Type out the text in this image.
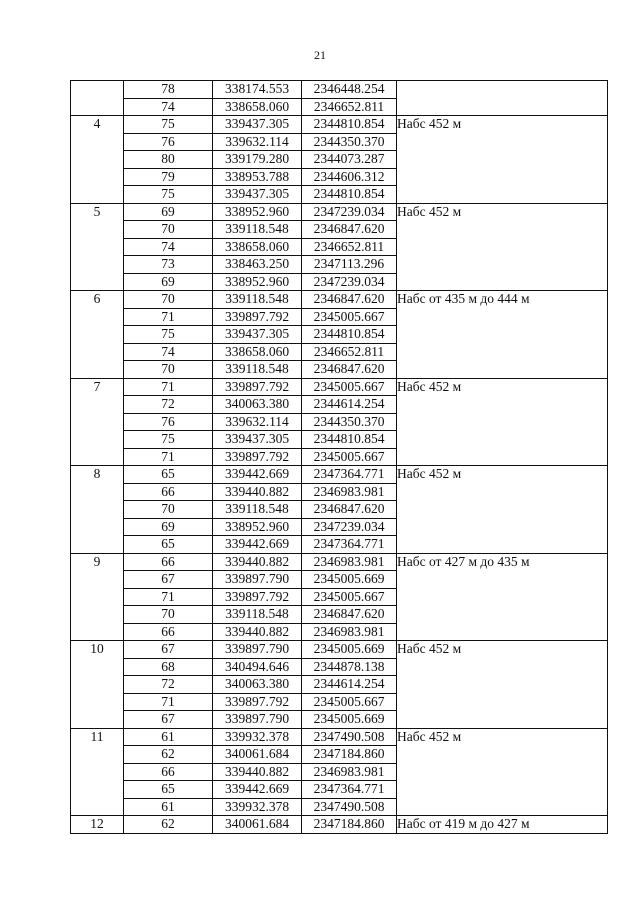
21
	78	338174.553	2346448.254	
	74	338658.060	2346652.811	
4	75	339437.305	2344810.854	Набс 452 м
	76	339632.114	2344350.370	
	80	339179.280	2344073.287	
	79	338953.788	2344606.312	
	75	339437.305	2344810.854	
5	69	338952.960	2347239.034	Набс 452 м
	70	339118.548	2346847.620	
	74	338658.060	2346652.811	
	73	338463.250	2347113.296	
	69	338952.960	2347239.034	
6	70	339118.548	2346847.620	Набс от 435 м до 444 м
	71	339897.792	2345005.667	
	75	339437.305	2344810.854	
	74	338658.060	2346652.811	
	70	339118.548	2346847.620	
7	71	339897.792	2345005.667	Набс 452 м
	72	340063.380	2344614.254	
	76	339632.114	2344350.370	
	75	339437.305	2344810.854	
	71	339897.792	2345005.667	
8	65	339442.669	2347364.771	Набс 452 м
	66	339440.882	2346983.981	
	70	339118.548	2346847.620	
	69	338952.960	2347239.034	
	65	339442.669	2347364.771	
9	66	339440.882	2346983.981	Набс от 427 м до 435 м
	67	339897.790	2345005.669	
	71	339897.792	2345005.667	
	70	339118.548	2346847.620	
	66	339440.882	2346983.981	
10	67	339897.790	2345005.669	Набс 452 м
	68	340494.646	2344878.138	
	72	340063.380	2344614.254	
	71	339897.792	2345005.667	
	67	339897.790	2345005.669	
11	61	339932.378	2347490.508	Набс 452 м
	62	340061.684	2347184.860	
	66	339440.882	2346983.981	
	65	339442.669	2347364.771	
	61	339932.378	2347490.508	
12	62	340061.684	2347184.860	Набс от 419 м до 427 м
